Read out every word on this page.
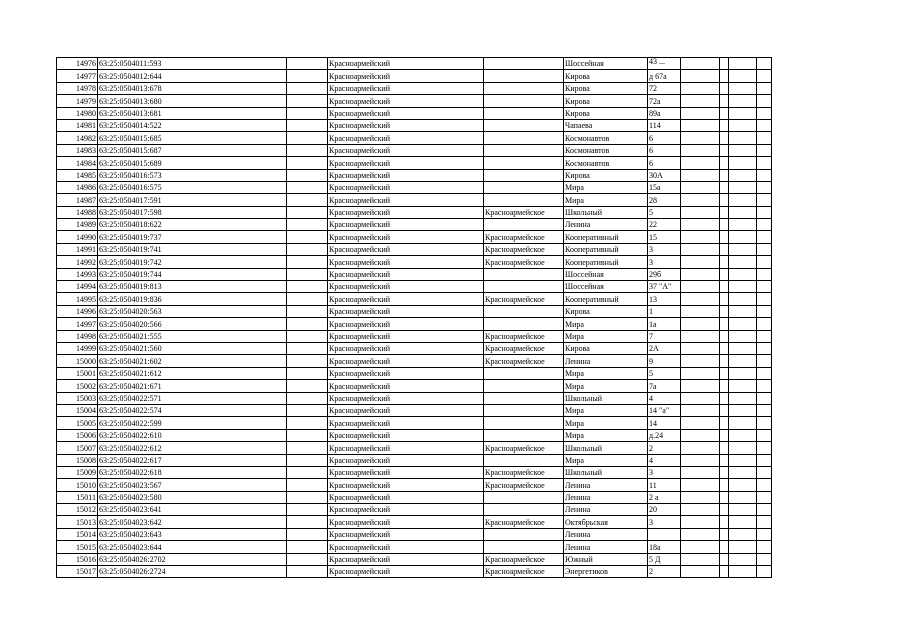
14976	63:25:0504011:593		Красноармейский		Шоссейная	43 ...				
14977	63:25:0504012:644		Красноармейский		Кирова	д 67а				
14978	63:25:0504013:678		Красноармейский		Кирова	72				
14979	63:25:0504013:680		Красноармейский		Кирова	72а				
14980	63:25:0504013:681		Красноармейский		Кирова	89а				
14981	63:25:0504014:522		Красноармейский		Чапаева	114				
14982	63:25:0504015:685		Красноармейский		Космонавтов	6				
14983	63:25:0504015:687		Красноармейский		Космонавтов	6				
14984	63:25:0504015:689		Красноармейский		Космонавтов	6				
14985	63:25:0504016:573		Красноармейский		Кирова	30А				
14986	63:25:0504016:575		Красноармейский		Мира	15а				
14987	63:25:0504017:591		Красноармейский		Мира	28				
14988	63:25:0504017:598		Красноармейский	Красноармейское	Школьный	5				
14989	63:25:0504018:622		Красноармейский		Ленина	22				
14990	63:25:0504019:737		Красноармейский	Красноармейское	Кооперативный	15				
14991	63:25:0504019:741		Красноармейский	Красноармейское	Кооперативный	3				
14992	63:25:0504019:742		Красноармейский	Красноармейское	Кооперативный	3				
14993	63:25:0504019:744		Красноармейский		Шоссейная	29б				
14994	63:25:0504019:813		Красноармейский		Шоссейная	37 "А"				
14995	63:25:0504019:836		Красноармейский	Красноармейское	Кооперативный	13				
14996	63:25:0504020:563		Красноармейский		Кирова	1				
14997	63:25:0504020:566		Красноармейский		Мира	1а				
14998	63:25:0504021:555		Красноармейский	Красноармейское	Мира	7				
14999	63:25:0504021:560		Красноармейский	Красноармейское	Кирова	2А				
15000	63:25:0504021:602		Красноармейский	Красноармейское	Ленина	9				
15001	63:25:0504021:612		Красноармейский		Мира	5				
15002	63:25:0504021:671		Красноармейский		Мира	7а				
15003	63:25:0504022:571		Красноармейский		Школьный	4				
15004	63:25:0504022:574		Красноармейский		Мира	14 "а"				
15005	63:25:0504022:599		Красноармейский		Мира	14				
15006	63:25:0504022:610		Красноармейский		Мира	д.24				
15007	63:25:0504022:612		Красноармейский	Красноармейское	Школьный	2				
15008	63:25:0504022:617		Красноармейский		Мира	4				
15009	63:25:0504022:618		Красноармейский	Красноармейское	Школьный	3				
15010	63:25:0504023:567		Красноармейский	Красноармейское	Ленина	11				
15011	63:25:0504023:580		Красноармейский		Ленина	2 а				
15012	63:25:0504023:641		Красноармейский		Ленина	20				
15013	63:25:0504023:642		Красноармейский	Красноармейское	Октябрьская	3				
15014	63:25:0504023:643		Красноармейский		Ленина					
15015	63:25:0504023:644		Красноармейский		Ленина	18а				
15016	63:25:0504026:2702		Красноармейский	Красноармейское	Южный	5 Д				
15017	63:25:0504026:2724		Красноармейский	Красноармейское	Энергетиков	2				
